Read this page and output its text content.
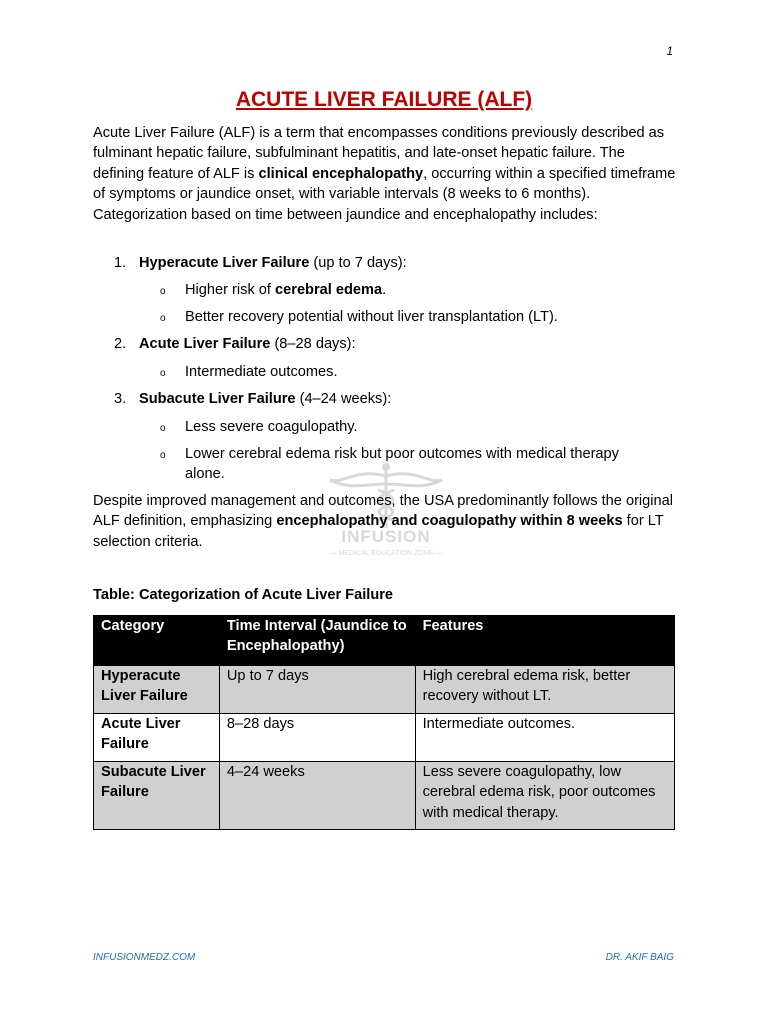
1
ACUTE LIVER FAILURE (ALF)
Acute Liver Failure (ALF) is a term that encompasses conditions previously described as fulminant hepatic failure, subfulminant hepatitis, and late-onset hepatic failure. The defining feature of ALF is clinical encephalopathy, occurring within a specified timeframe of symptoms or jaundice onset, with variable intervals (8 weeks to 6 months). Categorization based on time between jaundice and encephalopathy includes:
INFUSION
— MEDICAL EDUCATION ZONE —
1. Hyperacute Liver Failure (up to 7 days):
o Higher risk of cerebral edema.
o Better recovery potential without liver transplantation (LT).
2. Acute Liver Failure (8–28 days):
o Intermediate outcomes.
3. Subacute Liver Failure (4–24 weeks):
o Less severe coagulopathy.
o Lower cerebral edema risk but poor outcomes with medical therapy alone.
Despite improved management and outcomes, the USA predominantly follows the original ALF definition, emphasizing encephalopathy and coagulopathy within 8 weeks for LT selection criteria.
Table: Categorization of Acute Liver Failure
Category	Time Interval (Jaundice to Encephalopathy)	Features
Hyperacute Liver Failure	Up to 7 days	High cerebral edema risk, better recovery without LT.
Acute Liver Failure	8–28 days	Intermediate outcomes.
Subacute Liver Failure	4–24 weeks	Less severe coagulopathy, low cerebral edema risk, poor outcomes with medical therapy.
INFUSIONMEDZ.COM	DR. AKIF BAIG
